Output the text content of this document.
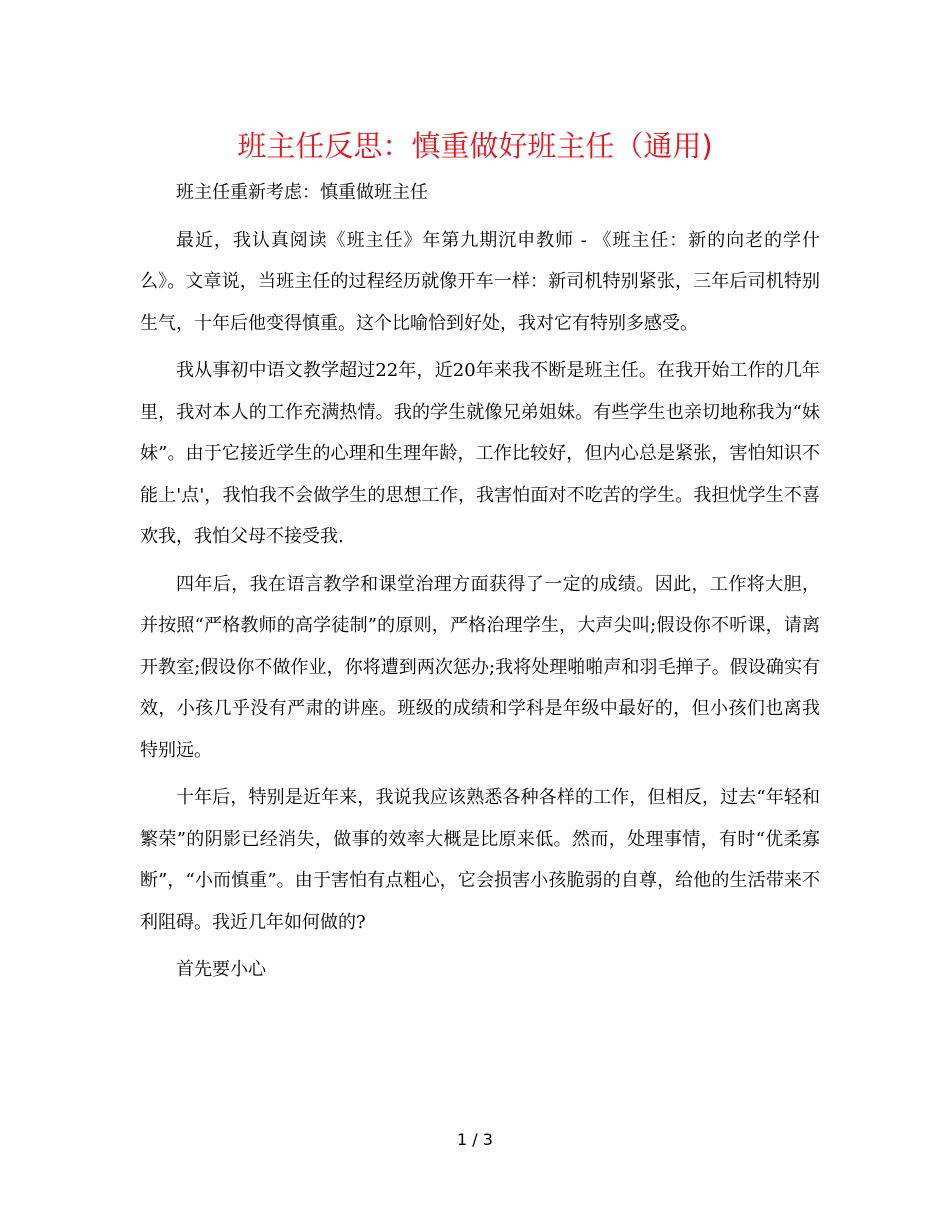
班主任反思：慎重做好班主任（通用)

班主任重新考虑：慎重做班主任

最近，我认真阅读《班主任》年第九期沉申教师 - 《班主任：新的向老的学什么》。文章说，当班主任的过程经历就像开车一样：新司机特别紧张，三年后司机特别生气，十年后他变得慎重。这个比喻恰到好处，我对它有特别多感受。

我从事初中语文教学超过22年，近20年来我不断是班主任。在我开始工作的几年里，我对本人的工作充满热情。我的学生就像兄弟姐妹。有些学生也亲切地称我为“妹妹”。由于它接近学生的心理和生理年龄，工作比较好，但内心总是紧张，害怕知识不能上'点'，我怕我不会做学生的思想工作，我害怕面对不吃苦的学生。我担忧学生不喜欢我，我怕父母不接受我.

四年后，我在语言教学和课堂治理方面获得了一定的成绩。因此，工作将大胆，并按照“严格教师的高学徒制”的原则，严格治理学生，大声尖叫;假设你不听课，请离开教室;假设你不做作业，你将遭到两次惩办;我将处理啪啪声和羽毛掸子。假设确实有效，小孩几乎没有严肃的讲座。班级的成绩和学科是年级中最好的，但小孩们也离我特别远。

十年后，特别是近年来，我说我应该熟悉各种各样的工作，但相反，过去“年轻和繁荣”的阴影已经消失，做事的效率大概是比原来低。然而，处理事情，有时“优柔寡断”，“小而慎重”。由于害怕有点粗心，它会损害小孩脆弱的自尊，给他的生活带来不利阻碍。我近几年如何做的?

首先要小心

1 / 3
